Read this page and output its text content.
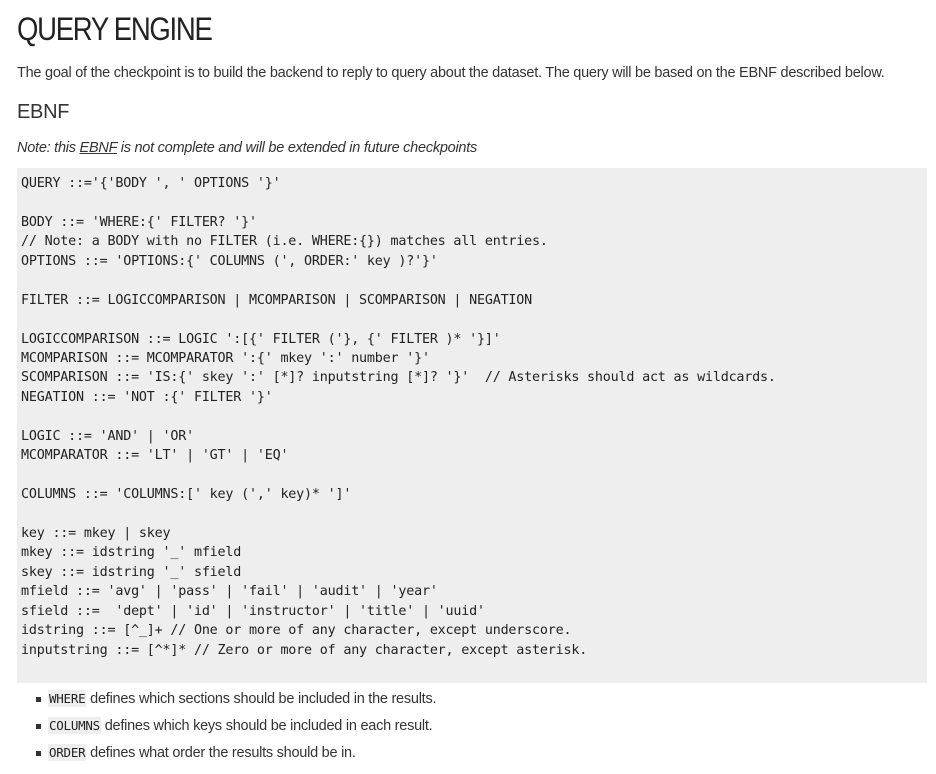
QUERY ENGINE

The goal of the checkpoint is to build the backend to reply to query about the dataset. The query will be based on the EBNF described below.

EBNF

Note: this EBNF is not complete and will be extended in future checkpoints

QUERY ::='{'BODY ', ' OPTIONS '}'
BODY ::= 'WHERE:{' FILTER? '}'
// Note: a BODY with no FILTER (i.e. WHERE:{}) matches all entries.
OPTIONS ::= 'OPTIONS:{' COLUMNS (', ORDER:' key )?'}'
FILTER ::= LOGICCOMPARISON | MCOMPARISON | SCOMPARISON | NEGATION
LOGICCOMPARISON ::= LOGIC ':[{' FILTER ('}, {' FILTER )* '}]'
MCOMPARISON ::= MCOMPARATOR ':{' mkey ':' number '}'
SCOMPARISON ::= 'IS:{' skey ':' [*]? inputstring [*]? '}'  // Asterisks should act as wildcards.
NEGATION ::= 'NOT :{' FILTER '}'
LOGIC ::= 'AND' | 'OR'
MCOMPARATOR ::= 'LT' | 'GT' | 'EQ'
COLUMNS ::= 'COLUMNS:[' key (',' key)* ']'
key ::= mkey | skey
mkey ::= idstring '_' mfield
skey ::= idstring '_' sfield
mfield ::= 'avg' | 'pass' | 'fail' | 'audit' | 'year'
sfield ::=  'dept' | 'id' | 'instructor' | 'title' | 'uuid'
idstring ::= [^_]+ // One or more of any character, except underscore.
inputstring ::= [^*]* // Zero or more of any character, except asterisk.
WHERE defines which sections should be included in the results.
COLUMNS defines which keys should be included in each result.
ORDER defines what order the results should be in.
